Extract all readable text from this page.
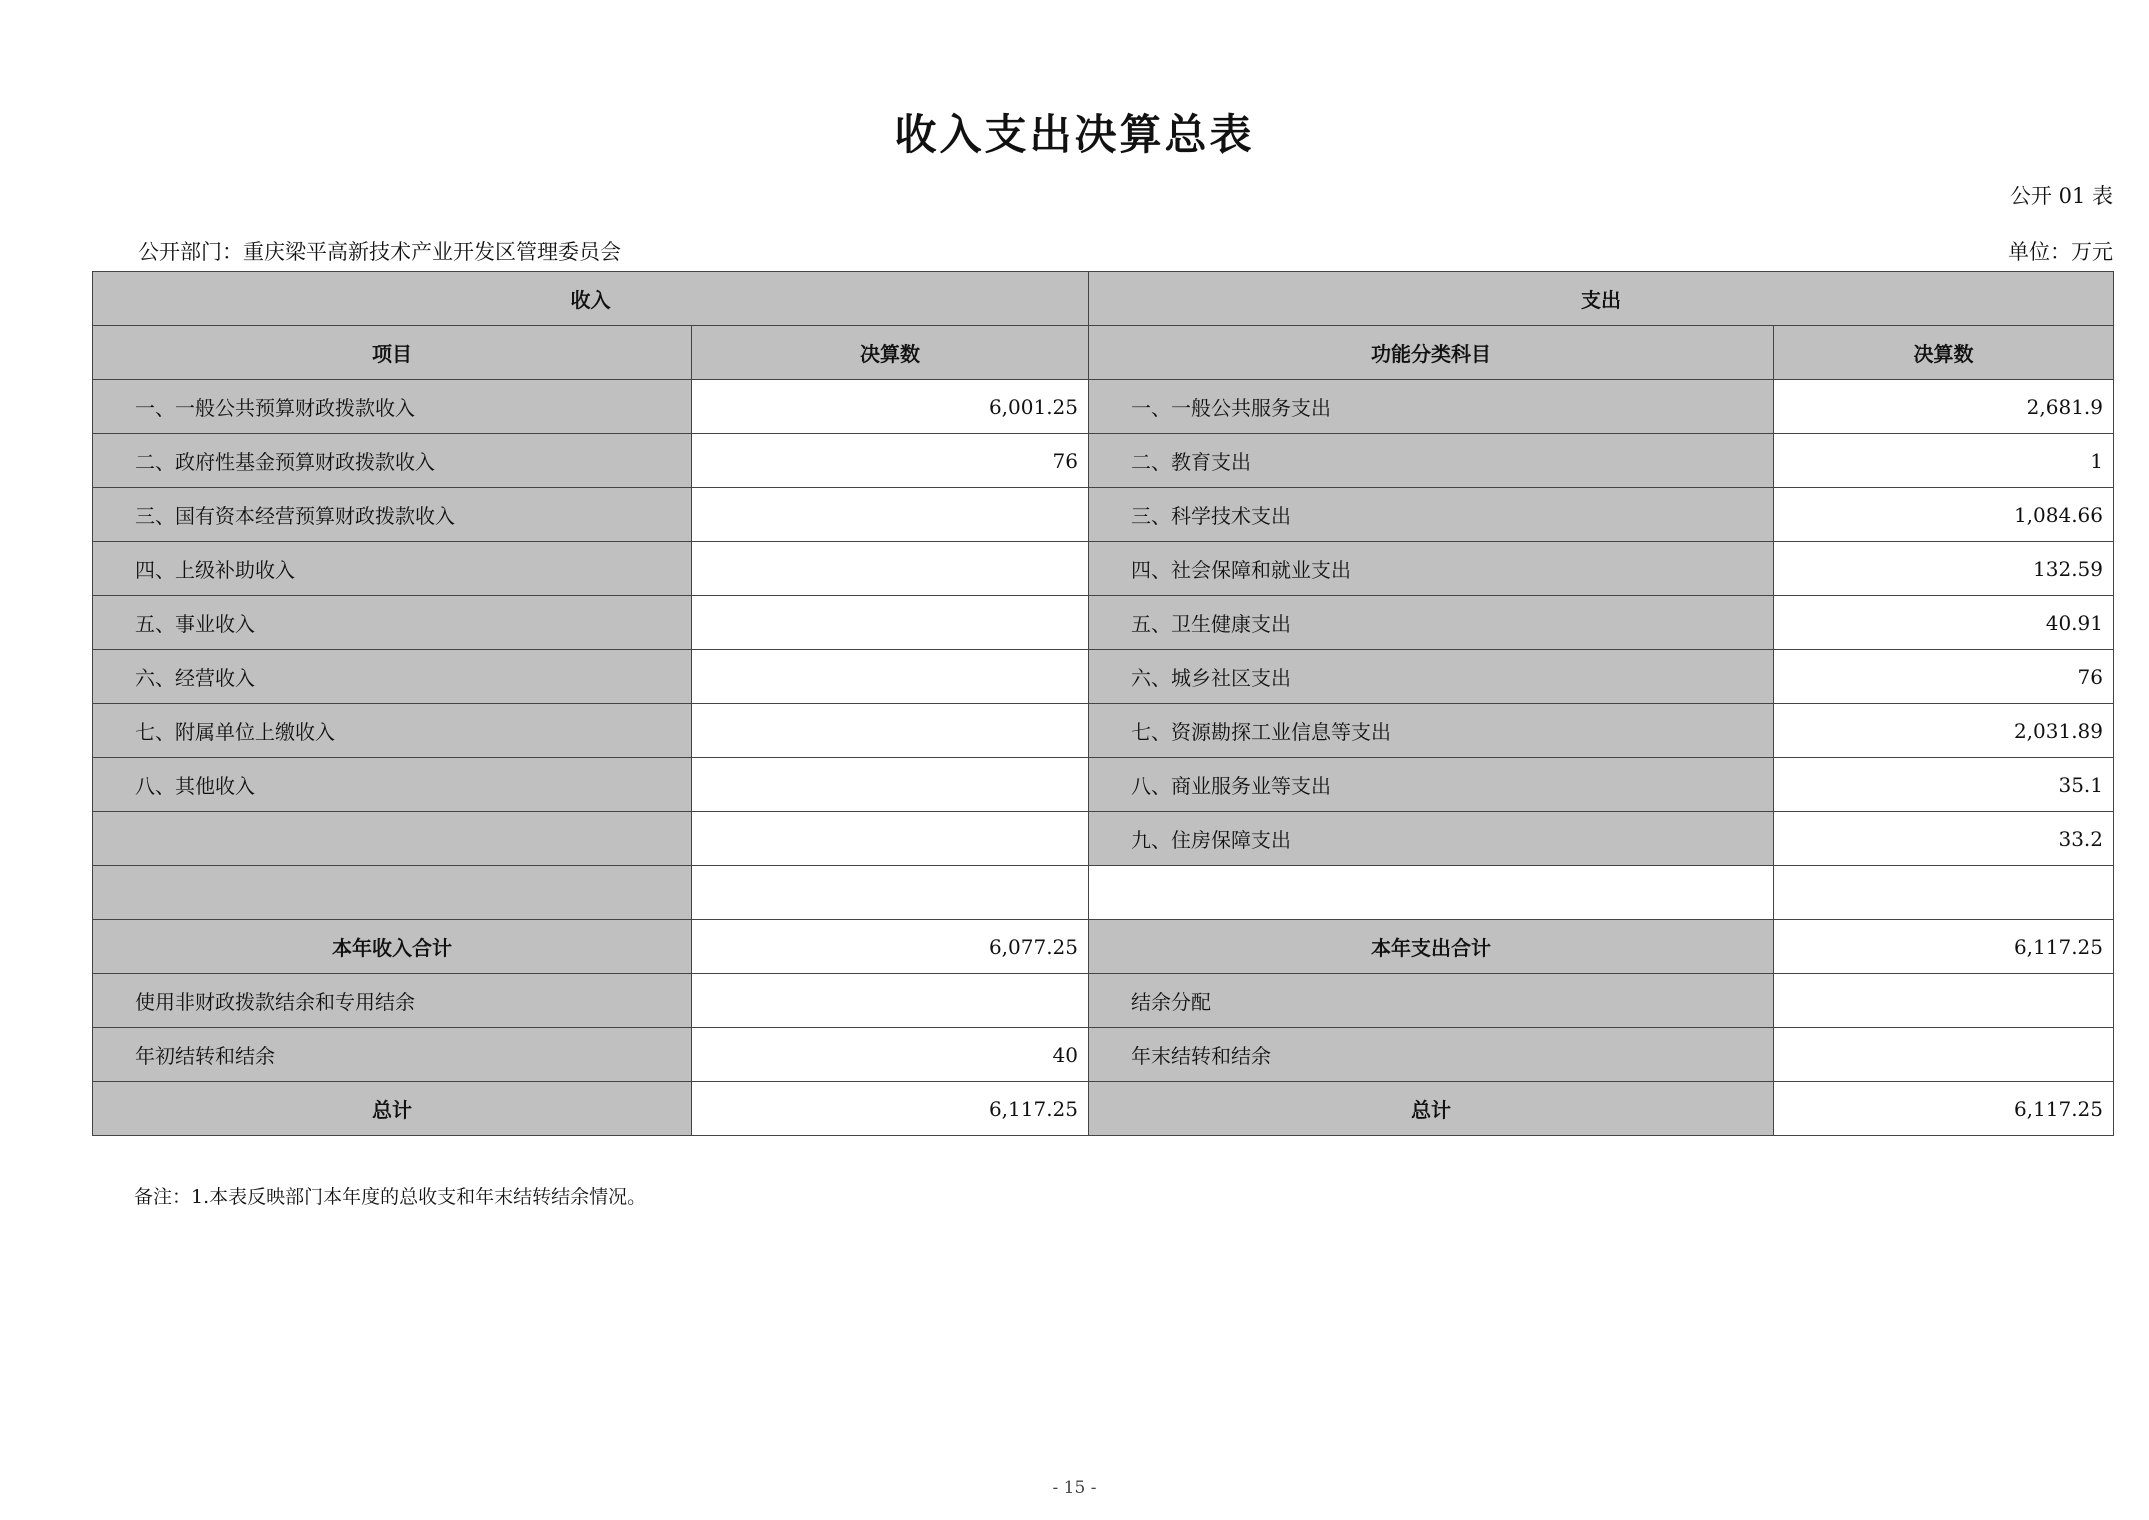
收入支出决算总表
公开 01 表
公开部门：重庆梁平高新技术产业开发区管理委员会	单位：万元
收入		支出	
项目	决算数	功能分类科目	决算数
一、一般公共预算财政拨款收入	6,001.25	一、一般公共服务支出	2,681.9
二、政府性基金预算财政拨款收入	76	二、教育支出	1
三、国有资本经营预算财政拨款收入		三、科学技术支出	1,084.66
四、上级补助收入		四、社会保障和就业支出	132.59
五、事业收入		五、卫生健康支出	40.91
六、经营收入		六、城乡社区支出	76
七、附属单位上缴收入		七、资源勘探工业信息等支出	2,031.89
八、其他收入		八、商业服务业等支出	35.1
		九、住房保障支出	33.2

本年收入合计	6,077.25	本年支出合计	6,117.25
使用非财政拨款结余和专用结余		结余分配	
年初结转和结余	40	年末结转和结余	
总计	6,117.25	总计	6,117.25
备注：1.本表反映部门本年度的总收支和年末结转结余情况。
- 15 -
